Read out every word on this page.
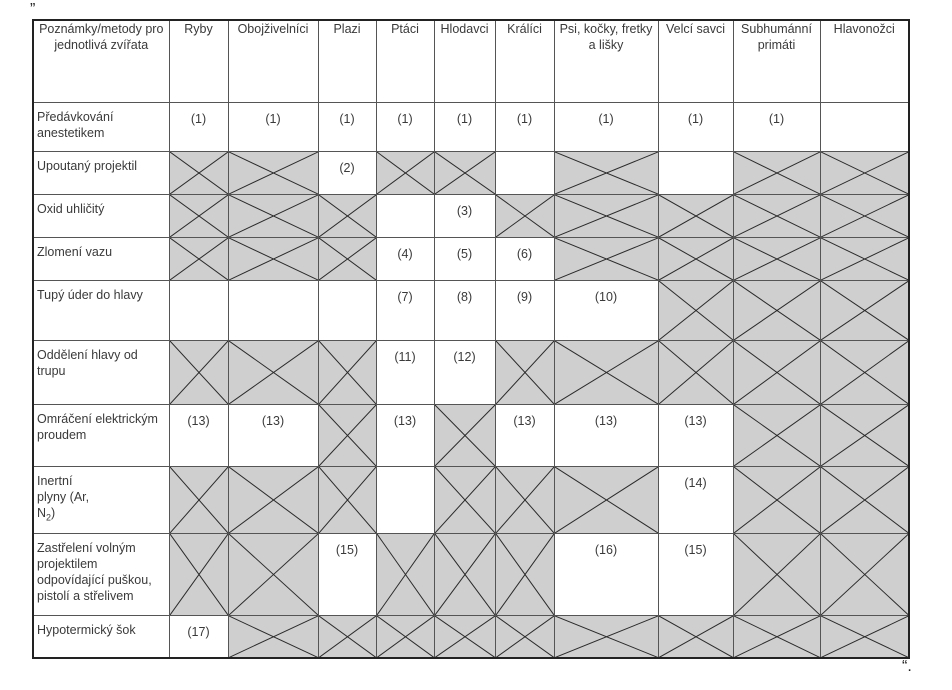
”
Poznámky/metody pro jednotlivá zvířata	Ryby	Obojživelníci	Plazi	Ptáci	Hlodavci	Králíci	Psi, kočky, fretky a lišky	Velcí savci	Subhumánní primáti	Hlavonožci

Předávkování anestetikem	(1)	(1)	(1)	(1)	(1)	(1)	(1)	(1)	(1)	

Upoutaný projektil			(2)

Oxid uhličitý					(3)

Zlomení vazu				(4)	(5)	(6)

Tupý úder do hlavy				(7)	(8)	(9)	(10)

Oddělení hlavy od trupu				(11)	(12)

Omráčení elektrickým proudem	(13)	(13)		(13)		(13)	(13)	(13)

Inertní
plyny (Ar,
$N_2$)								(14)

Zastřelení volným projektilem odpovídající puškou, pistolí a střelivem			(15)				(16)	(15)

Hypotermický šok	(17)

“.
